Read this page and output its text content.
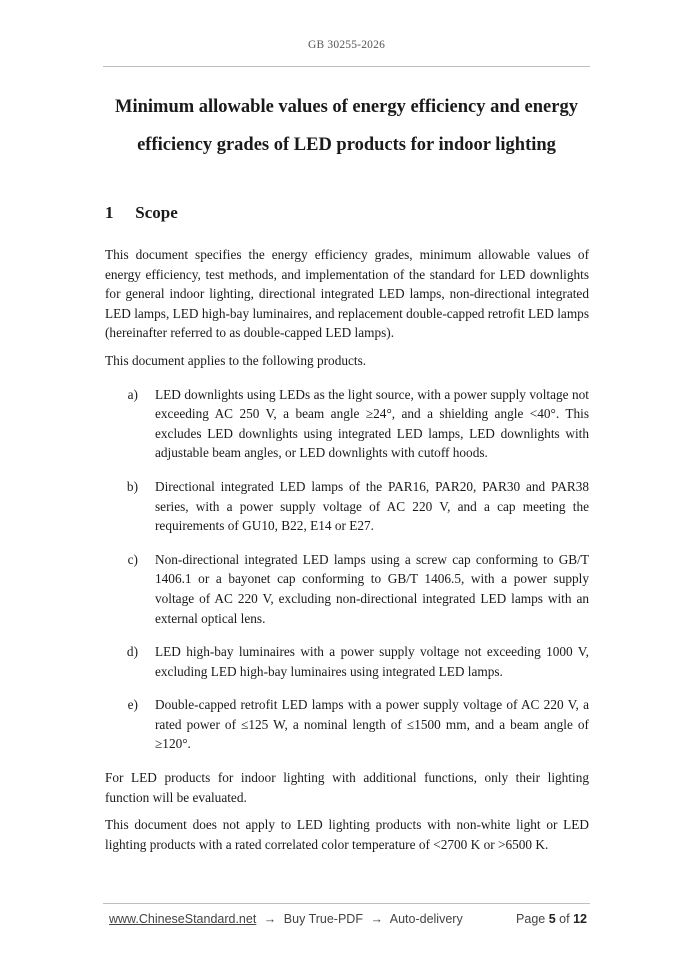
GB 30255-2026
Minimum allowable values of energy efficiency and energy
efficiency grades of LED products for indoor lighting
1 Scope

This document specifies the energy efficiency grades, minimum allowable values of energy efficiency, test methods, and implementation of the standard for LED downlights for general indoor lighting, directional integrated LED lamps, non-directional integrated LED lamps, LED high-bay luminaires, and replacement double-capped retrofit LED lamps (hereinafter referred to as double-capped LED lamps).

This document applies to the following products.

a)	LED downlights using LEDs as the light source, with a power supply voltage not exceeding AC 250 V, a beam angle ≥24°, and a shielding angle <40°. This excludes LED downlights using integrated LED lamps, LED downlights with adjustable beam angles, or LED downlights with cutoff hoods.
b)	Directional integrated LED lamps of the PAR16, PAR20, PAR30 and PAR38 series, with a power supply voltage of AC 220 V, and a cap meeting the requirements of GU10, B22, E14 or E27.
c)	Non-directional integrated LED lamps using a screw cap conforming to GB/T 1406.1 or a bayonet cap conforming to GB/T 1406.5, with a power supply voltage of AC 220 V, excluding non-directional integrated LED lamps with an external optical lens.
d)	LED high-bay luminaires with a power supply voltage not exceeding 1000 V, excluding LED high-bay luminaires using integrated LED lamps.
e)	Double-capped retrofit LED lamps with a power supply voltage of AC 220 V, a rated power of ≤125 W, a nominal length of ≤1500 mm, and a beam angle of ≥120°.

For LED products for indoor lighting with additional functions, only their lighting function will be evaluated.

This document does not apply to LED lighting products with non-white light or LED lighting products with a rated correlated color temperature of <2700 K or >6500 K.

www.ChineseStandard.net → Buy True-PDF → Auto-delivery	Page 5 of 12
